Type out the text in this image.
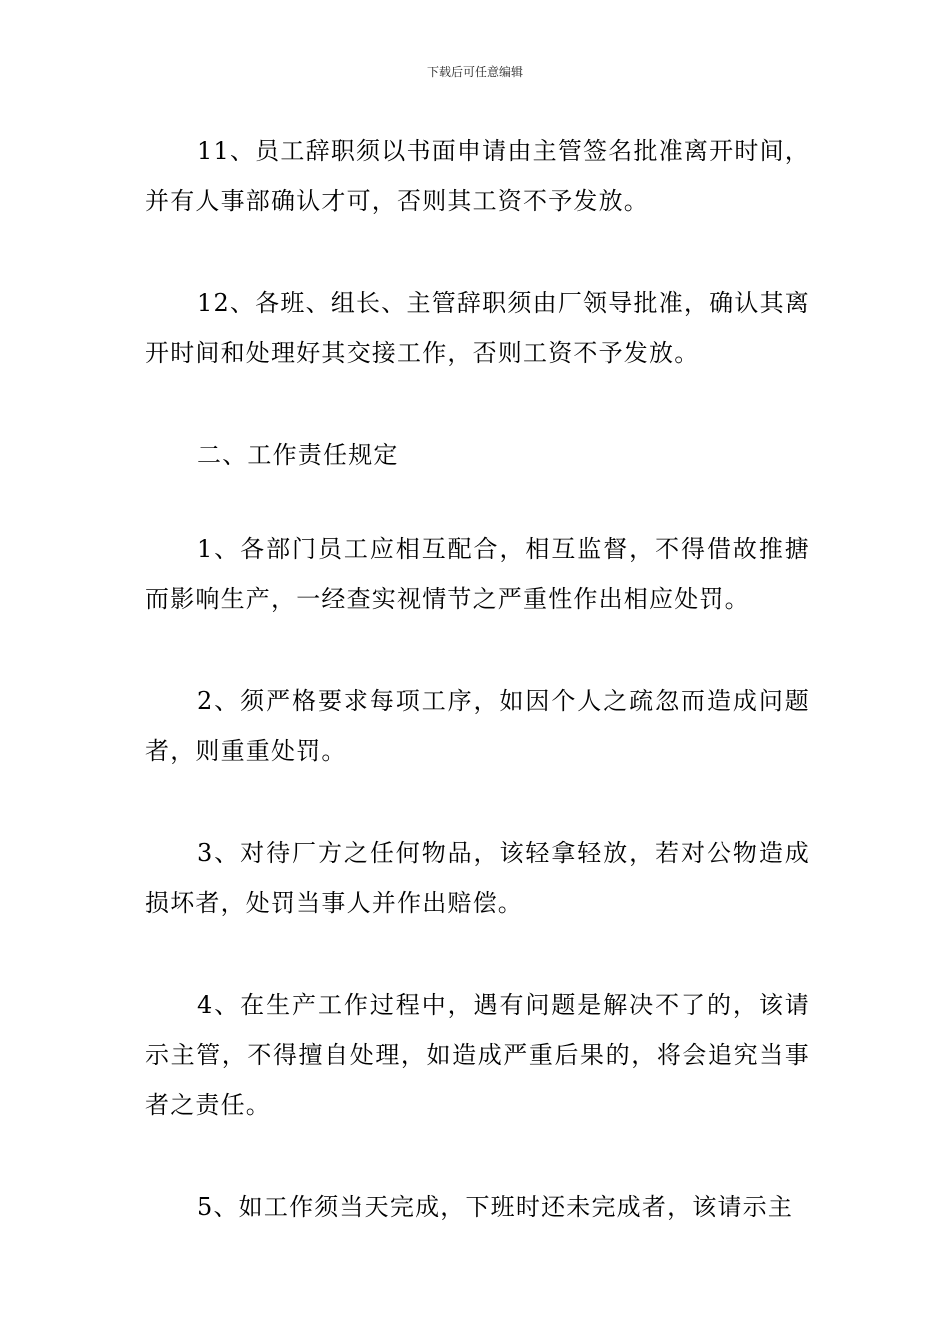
下载后可任意编辑

11、员工辞职须以书面申请由主管签名批准离开时间，并有人事部确认才可，否则其工资不予发放。

12、各班、组长、主管辞职须由厂领导批准，确认其离开时间和处理好其交接工作，否则工资不予发放。

二、工作责任规定

1、各部门员工应相互配合，相互监督，不得借故推搪而影响生产，一经查实视情节之严重性作出相应处罚。

2、须严格要求每项工序，如因个人之疏忽而造成问题者，则重重处罚。

3、对待厂方之任何物品，该轻拿轻放，若对公物造成损坏者，处罚当事人并作出赔偿。

4、在生产工作过程中，遇有问题是解决不了的，该请示主管，不得擅自处理，如造成严重后果的，将会追究当事者之责任。

5、如工作须当天完成，下班时还未完成者，该请示主
